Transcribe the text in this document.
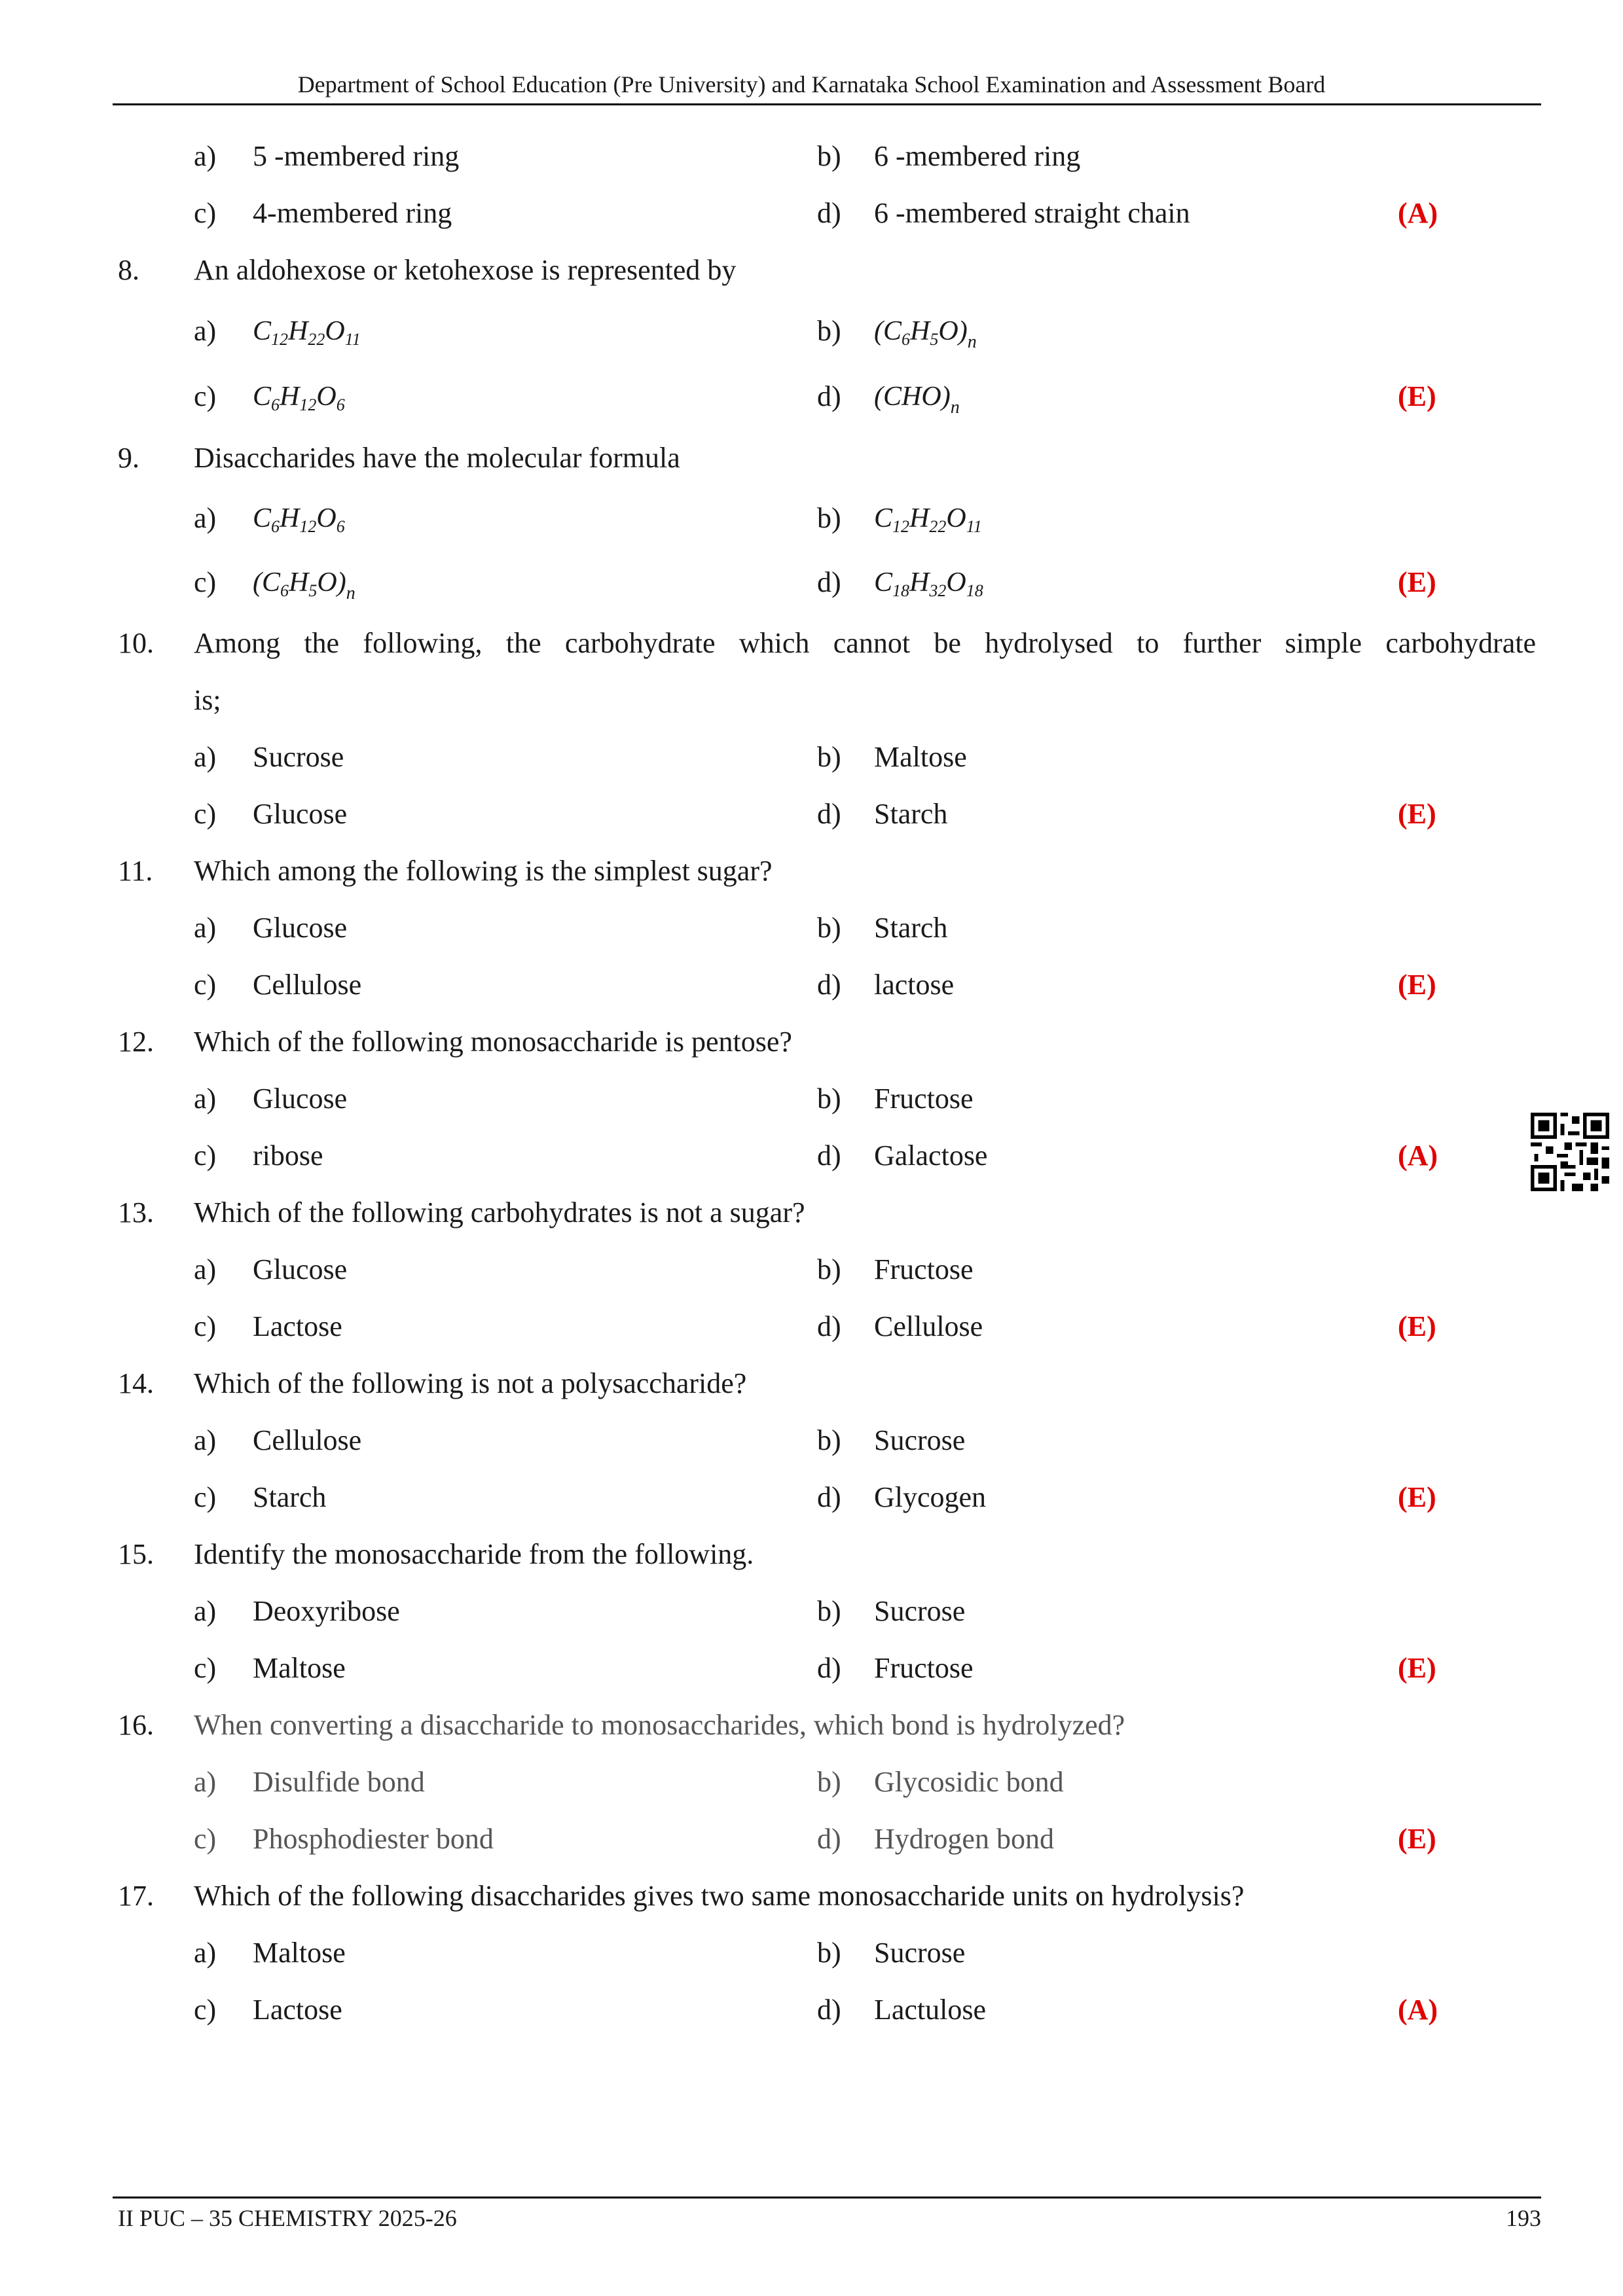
Department of School Education (Pre University) and Karnataka School Examination and Assessment Board
a) 5 -membered ring	b) 6 -membered ring
c) 4-membered ring	d) 6 -membered straight chain	(A)
8. An aldohexose or ketohexose is represented by
a) $C_{12}H_{22}O_{11}$	b) $(C_6H_5O)_n$
c) $C_6H_{12}O_6$	d) $(CHO)_n$	(E)
9. Disaccharides have the molecular formula
a) $C_6H_{12}O_6$	b) $C_{12}H_{22}O_{11}$
c) $(C_6H_5O)_n$	d) $C_{18}H_{32}O_{18}$	(E)
10. Among the following, the carbohydrate which cannot be hydrolysed to further simple carbohydrate
is;
a) Sucrose	b) Maltose
c) Glucose	d) Starch	(E)
11. Which among the following is the simplest sugar?
a) Glucose	b) Starch
c) Cellulose	d) lactose	(E)
12. Which of the following monosaccharide is pentose?
a) Glucose	b) Fructose
c) ribose	d) Galactose	(A)
13. Which of the following carbohydrates is not a sugar?
a) Glucose	b) Fructose
c) Lactose	d) Cellulose	(E)
14. Which of the following is not a polysaccharide?
a) Cellulose	b) Sucrose
c) Starch	d) Glycogen	(E)
15. Identify the monosaccharide from the following.
a) Deoxyribose	b) Sucrose
c) Maltose	d) Fructose	(E)
16. When converting a disaccharide to monosaccharides, which bond is hydrolyzed?
a) Disulfide bond	b) Glycosidic bond
c) Phosphodiester bond	d) Hydrogen bond	(E)
17. Which of the following disaccharides gives two same monosaccharide units on hydrolysis?
a) Maltose	b) Sucrose
c) Lactose	d) Lactulose	(A)
II PUC – 35 CHEMISTRY 2025-26	193
